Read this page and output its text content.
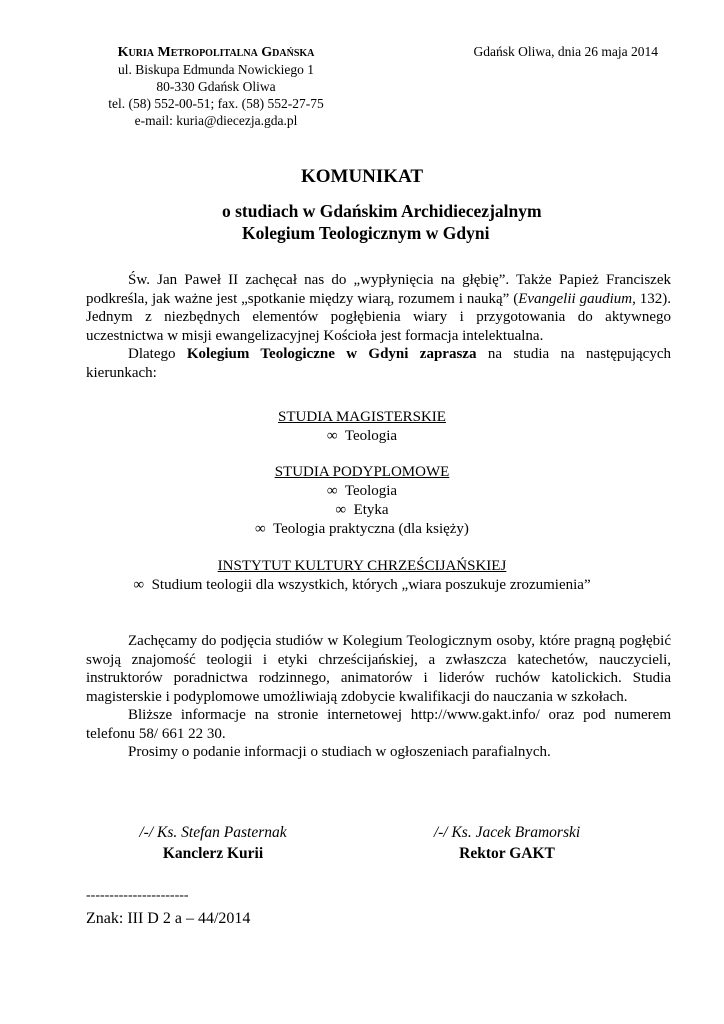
Kuria Metropolitalna Gdańska
ul. Biskupa Edmunda Nowickiego 1
80-330 Gdańsk Oliwa
tel. (58) 552-00-51; fax. (58) 552-27-75
e-mail: kuria@diecezja.gda.pl
Gdańsk Oliwa, dnia 26 maja 2014
KOMUNIKAT
o studiach w Gdańskim Archidiecezjalnym
Kolegium Teologicznym w Gdyni
Św. Jan Paweł II zachęcał nas do „wypłynięcia na głębię”. Także Papież Franciszek podkreśla, jak ważne jest „spotkanie między wiarą, rozumem i nauką” (Evangelii gaudium, 132). Jednym z niezbędnych elementów pogłębienia wiary i przygotowania do aktywnego uczestnictwa w misji ewangelizacyjnej Kościoła jest formacja intelektualna.
Dlatego Kolegium Teologiczne w Gdyni zaprasza na studia na następujących kierunkach:
STUDIA MAGISTERSKIE
∞ Teologia
STUDIA PODYPLOMOWE
∞ Teologia
∞ Etyka
∞ Teologia praktyczna (dla księży)
INSTYTUT KULTURY CHRZEŚCIJAŃSKIEJ
∞ Studium teologii dla wszystkich, których „wiara poszukuje zrozumienia”
Zachęcamy do podjęcia studiów w Kolegium Teologicznym osoby, które pragną pogłębić swoją znajomość teologii i etyki chrześcijańskiej, a zwłaszcza katechetów, nauczycieli, instruktorów poradnictwa rodzinnego, animatorów i liderów ruchów katolickich. Studia magisterskie i podyplomowe umożliwiają zdobycie kwalifikacji do nauczania w szkołach.
Bliższe informacje na stronie internetowej http://www.gakt.info/ oraz pod numerem telefonu 58/ 661 22 30.
Prosimy o podanie informacji o studiach w ogłoszeniach parafialnych.
/-/ Ks. Stefan Pasternak
Kanclerz Kurii
/-/ Ks. Jacek Bramorski
Rektor GAKT
----------------------
Znak: III D 2 a – 44/2014
